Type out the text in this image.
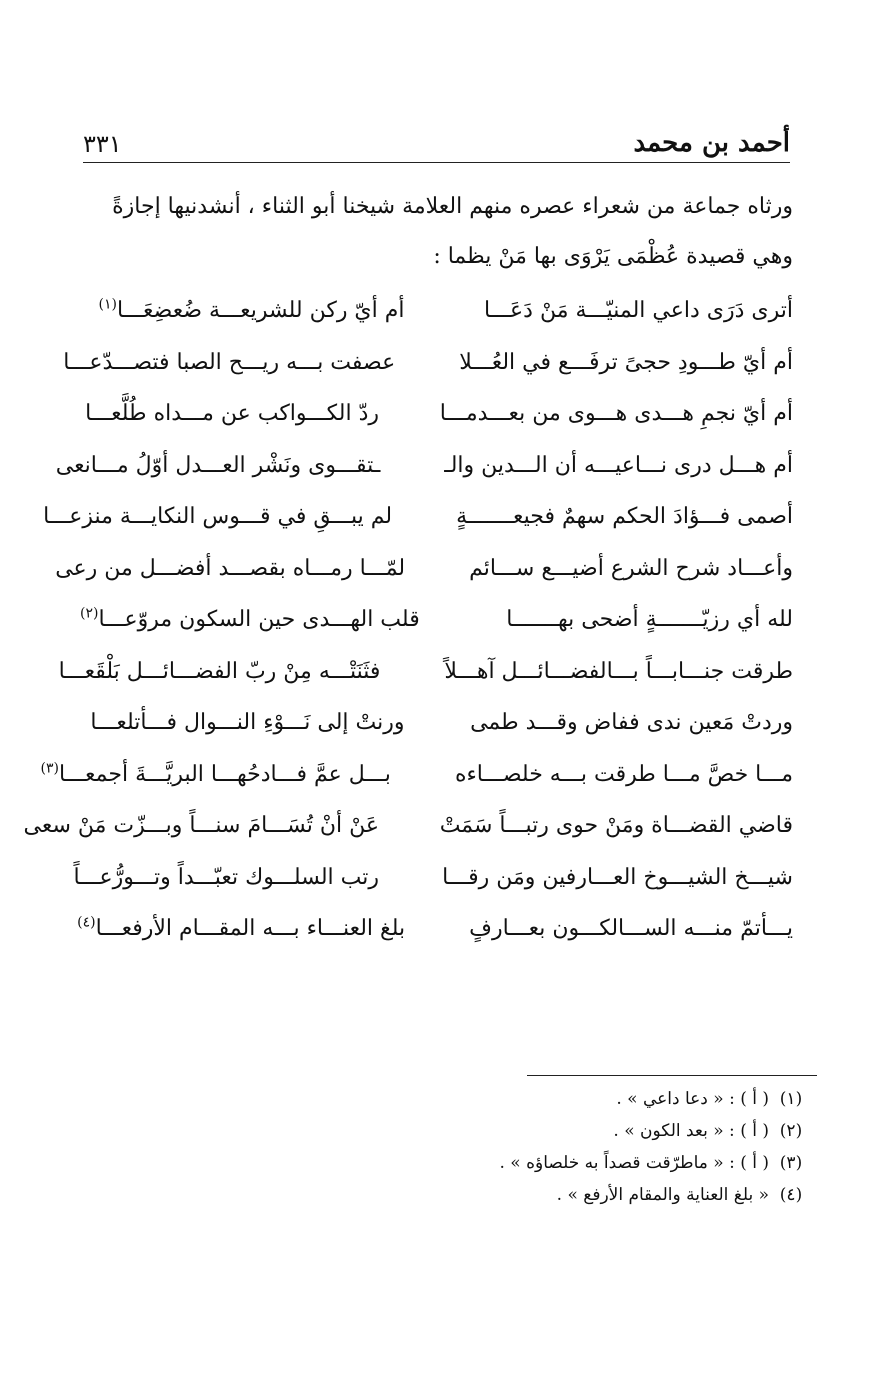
أحمد بن محمد
٣٣١

ورثاه جماعة من شعراء عصره منهم العلامة شيخنا أبو الثناء ، أنشدنيها إجازةً

وهي قصيدة عُظْمَى يَرْوَى بها مَنْ يظما :

أترى دَرَى داعي المنيّـــة مَنْ دَعَـــا
أم أيّ ركن للشريعـــة ضُعضِعَـــا$^{(١)}$
أم أيّ طـــودِ حجىً ترفَـــع في العُـــلا
عصفت بـــه ريـــح الصبا فتصـــدّعـــا
أم أيّ نجمِ هـــدى هـــوى من بعـــدمـــا
ردّ الكـــواكب عن مـــداه طُلَّعـــا
أم هـــل درى نـــاعيـــه أن الـــدين والـ
ـتقـــوى ونَشْر العـــدل أوّلُ مـــانعى
أصمى فـــؤادَ الحكم سهمٌ فجيعـــــــةٍ
لم يبـــقِ في قـــوس النكايـــة منزعـــا
وأعـــاد شرح الشرع أضيـــع ســـائم
لمّـــا رمـــاه بقصـــد أفضـــل من رعى
لله أي رزيّـــــــةٍ أضحى بهـــــــا
قلب الهـــدى حين السكون مروّعـــا$^{(٢)}$
طرقت جنـــابـــاً بـــالفضـــائـــل آهـــلاً
فثَنَتْـــه مِنْ ربّ الفضـــائـــل بَلْقَعـــا
وردتْ مَعين ندى ففاض وقـــد طمى
ورنتْ إلى نَـــوْءِ النـــوال فـــأتلعـــا
مـــا خصَّ مـــا طرقت بـــه خلصـــاءه
بـــل عمَّ فـــادحُهـــا البريَّـــةَ أجمعـــا$^{(٣)}$
قاضي القضـــاة ومَنْ حوى رتبـــاً سَمَتْ
عَنْ أنْ تُسَـــامَ سنـــاً وبـــزّت مَنْ سعى
شيـــخ الشيـــوخ العـــارفين ومَن رقـــا
رتب السلـــوك تعبّـــداً وتـــورُّعـــاً
يـــأتمّ منـــه الســـالكـــون بعـــارفٍ
بلغ العنـــاء بـــه المقـــام الأرفعـــا$^{(٤)}$
(١)
( أ ) : « دعا داعي » .
(٢)
( أ ) : « بعد الكون » .
(٣)
( أ ) : « ماطرّقت قصداً به خلصاؤه » .
(٤)
« بلغ العناية والمقام الأرفع » .
